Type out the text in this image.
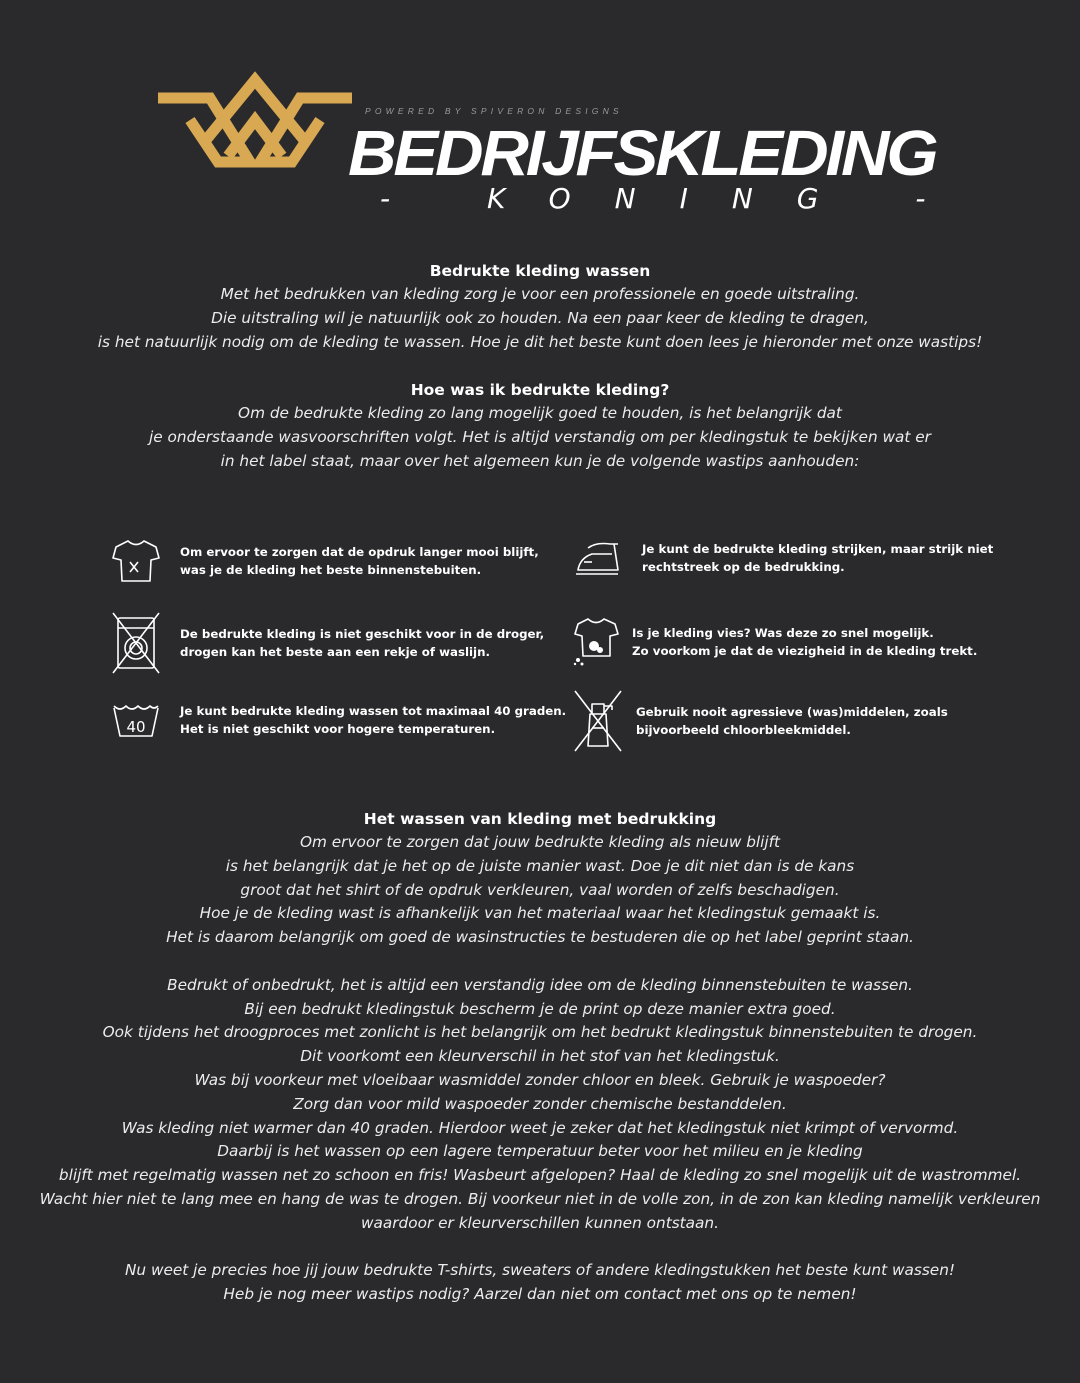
POWERED BY SPIVERON DESIGNS
BEDRIJFSKLEDING
- KONING -

Bedrukte kleding wassen

Met het bedrukken van kleding zorg je voor een professionele en goede uitstraling.

Die uitstraling wil je natuurlijk ook zo houden. Na een paar keer de kleding te dragen,

is het natuurlijk nodig om de kleding te wassen. Hoe je dit het beste kunt doen lees je hieronder met onze wastips!

Hoe was ik bedrukte kleding?

Om de bedrukte kleding zo lang mogelijk goed te houden, is het belangrijk dat

je onderstaande wasvoorschriften volgt. Het is altijd verstandig om per kledingstuk te bekijken wat er

in het label staat, maar over het algemeen kun je de volgende wastips aanhouden:

Om ervoor te zorgen dat de opdruk langer mooi blijft,
was je de kleding het beste binnenstebuiten.
Je kunt de bedrukte kleding strijken, maar strijk niet
rechtstreek op de bedrukking.
De bedrukte kleding is niet geschikt voor in de droger,
drogen kan het beste aan een rekje of waslijn.
Is je kleding vies? Was deze zo snel mogelijk.
Zo voorkom je dat de viezigheid in de kleding trekt.
40
Je kunt bedrukte kleding wassen tot maximaal 40 graden.
Het is niet geschikt voor hogere temperaturen.
Gebruik nooit agressieve (was)middelen, zoals
bijvoorbeeld chloorbleekmiddel.

Het wassen van kleding met bedrukking

Om ervoor te zorgen dat jouw bedrukte kleding als nieuw blijft

is het belangrijk dat je het op de juiste manier wast. Doe je dit niet dan is de kans

groot dat het shirt of de opdruk verkleuren, vaal worden of zelfs beschadigen.

Hoe je de kleding wast is afhankelijk van het materiaal waar het kledingstuk gemaakt is.

Het is daarom belangrijk om goed de wasinstructies te bestuderen die op het label geprint staan.

Bedrukt of onbedrukt, het is altijd een verstandig idee om de kleding binnenstebuiten te wassen.

Bij een bedrukt kledingstuk bescherm je de print op deze manier extra goed.

Ook tijdens het droogproces met zonlicht is het belangrijk om het bedrukt kledingstuk binnenstebuiten te drogen.

Dit voorkomt een kleurverschil in het stof van het kledingstuk.

Was bij voorkeur met vloeibaar wasmiddel zonder chloor en bleek. Gebruik je waspoeder?

Zorg dan voor mild waspoeder zonder chemische bestanddelen.

Was kleding niet warmer dan 40 graden. Hierdoor weet je zeker dat het kledingstuk niet krimpt of vervormd.

Daarbij is het wassen op een lagere temperatuur beter voor het milieu en je kleding

blijft met regelmatig wassen net zo schoon en fris! Wasbeurt afgelopen? Haal de kleding zo snel mogelijk uit de wastrommel.

Wacht hier niet te lang mee en hang de was te drogen. Bij voorkeur niet in de volle zon, in de zon kan kleding namelijk verkleuren

waardoor er kleurverschillen kunnen ontstaan.

Nu weet je precies hoe jij jouw bedrukte T-shirts, sweaters of andere kledingstukken het beste kunt wassen!

Heb je nog meer wastips nodig? Aarzel dan niet om contact met ons op te nemen!
